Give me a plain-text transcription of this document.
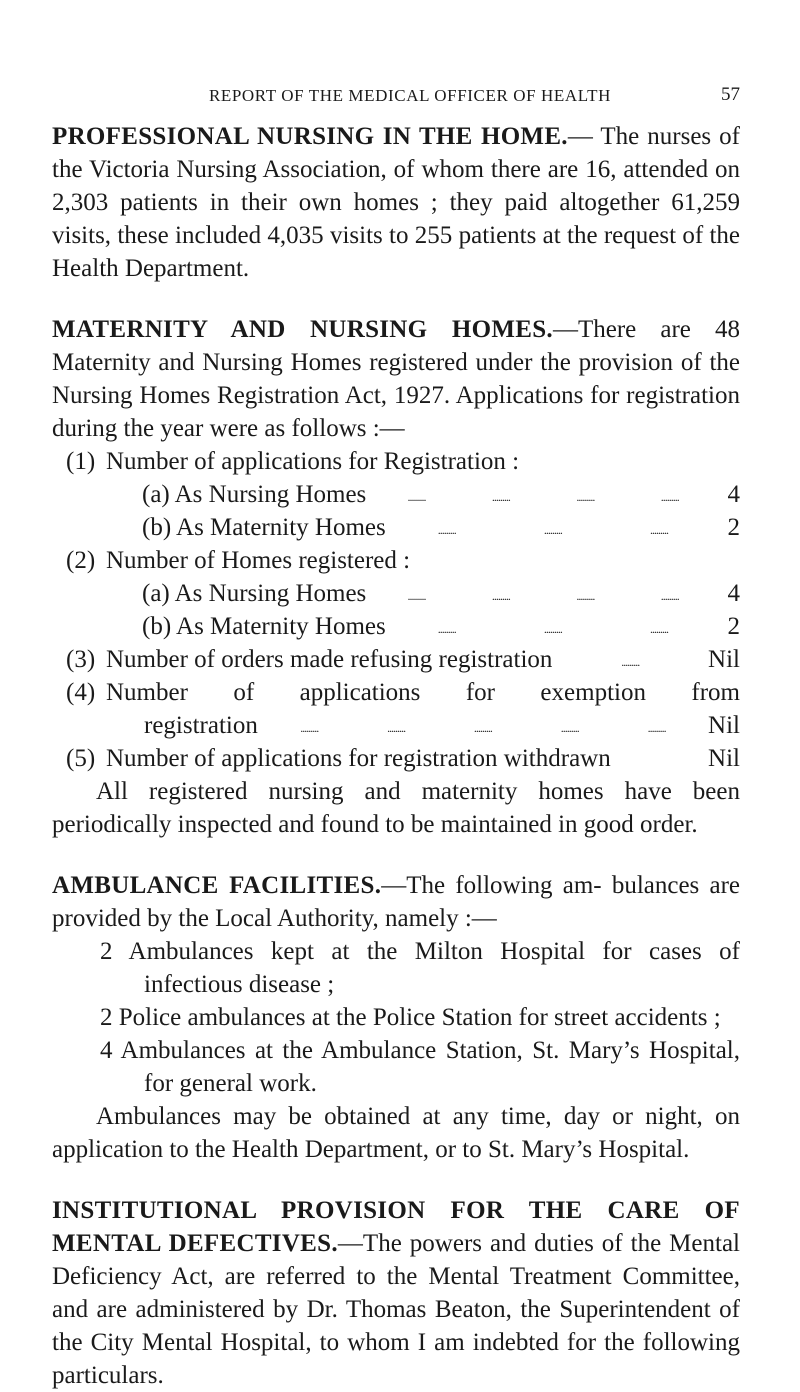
REPORT OF THE MEDICAL OFFICER OF HEALTH	57

PROFESSIONAL NURSING IN THE HOME.— The nurses of the Victoria Nursing Association, of whom there are 16, attended on 2,303 patients in their own homes ; they paid altogether 61,259 visits, these included 4,035 visits to 255 patients at the request of the Health Department.

MATERNITY AND NURSING HOMES.—There are 48 Maternity and Nursing Homes registered under the provision of the Nursing Homes Registration Act, 1927. Applications for registration during the year were as follows :—

(1) Number of applications for Registration :
(a) As Nursing Homes	.........	.........	.........	.........	4
(b) As Maternity Homes	.........	.........	.........	2
(2) Number of Homes registered :
(a) As Nursing Homes	.........	.........	.........	.........	4
(b) As Maternity Homes	.........	.........	.........	2
(3) Number of orders made refusing registration	.........	Nil
(4) Number of applications for exemption from
registration	.........	.........	.........	.........	......... Nil
(5) Number of applications for registration withdrawn	Nil

All registered nursing and maternity homes have been periodically inspected and found to be maintained in good order.

AMBULANCE FACILITIES.—The following am- bulances are provided by the Local Authority, namely :—

2 Ambulances kept at the Milton Hospital for cases of infectious disease ;

2 Police ambulances at the Police Station for street accidents ;

4 Ambulances at the Ambulance Station, St. Mary’s Hospital, for general work.

Ambulances may be obtained at any time, day or night, on application to the Health Department, or to St. Mary’s Hospital.

INSTITUTIONAL PROVISION FOR THE CARE OF MENTAL DEFECTIVES.—The powers and duties of the Mental Deficiency Act, are referred to the Mental Treatment Committee, and are administered by Dr. Thomas Beaton, the Superintendent of the City Mental Hospital, to whom I am indebted for the following particulars.
